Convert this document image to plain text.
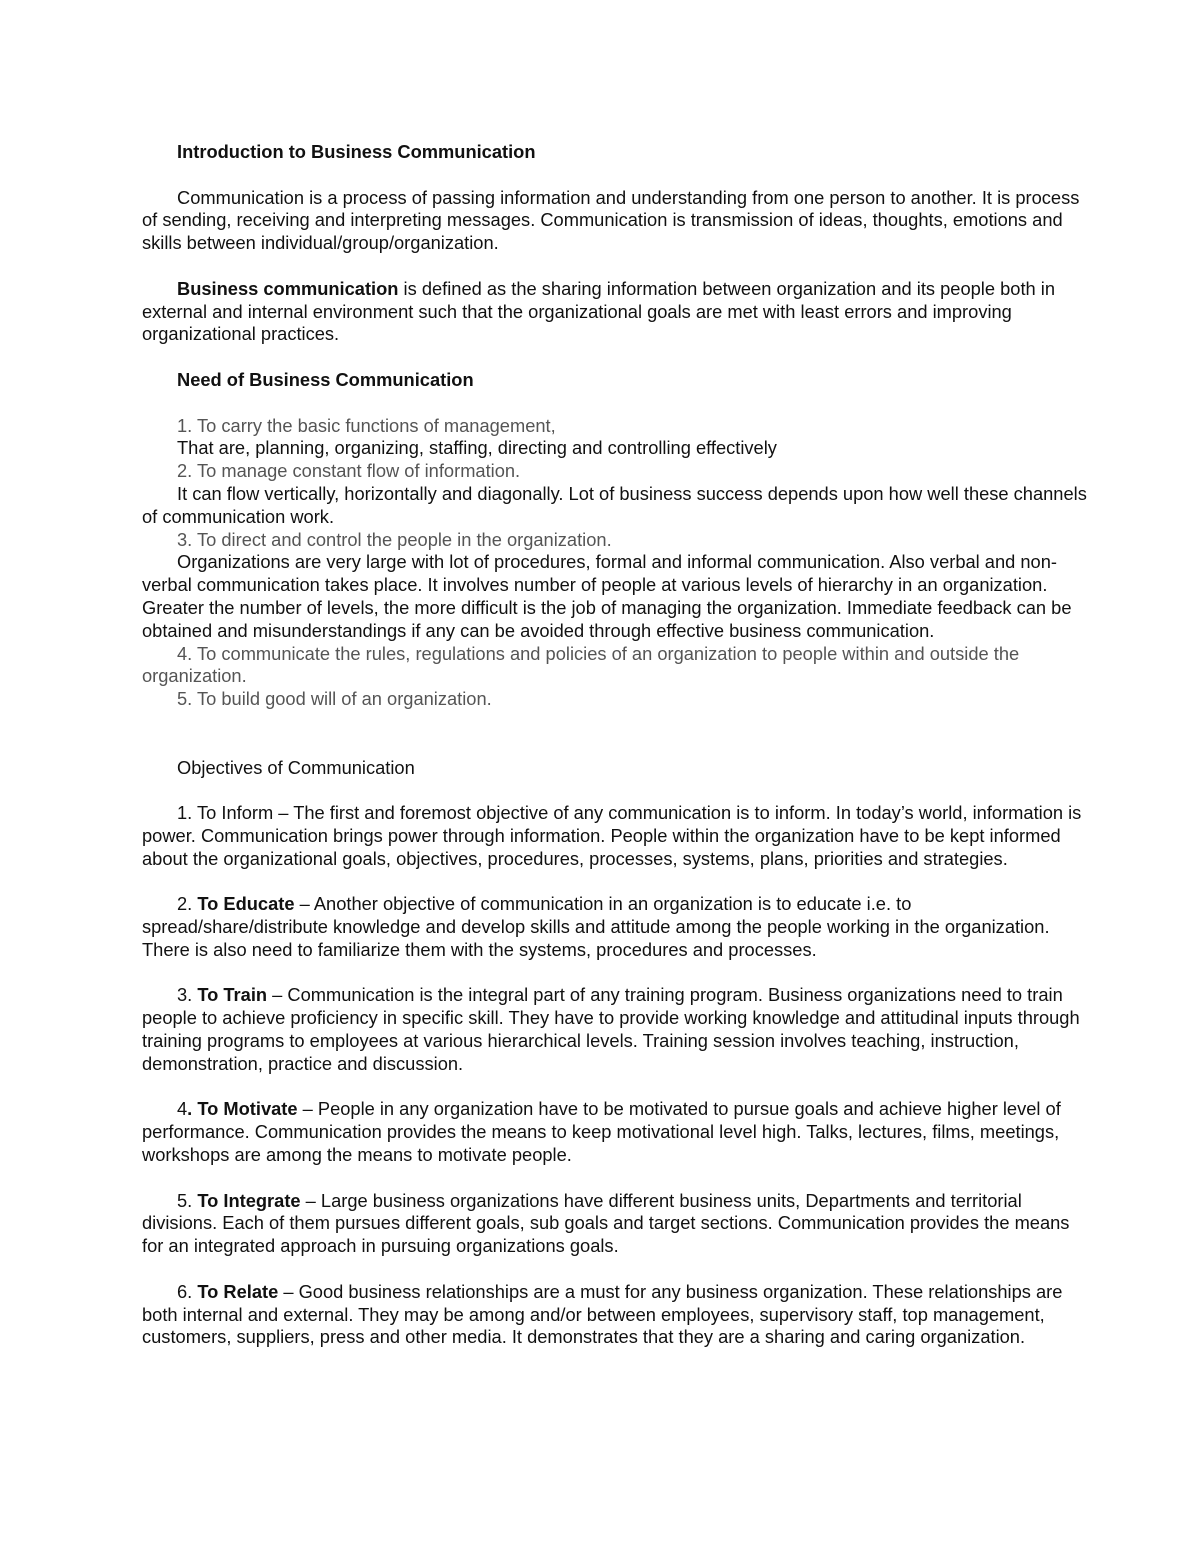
Introduction to Business Communication

Communication is a process of passing information and understanding from one person to another. It is process of sending, receiving and interpreting messages. Communication is transmission of ideas, thoughts, emotions and skills between individual/group/organization.

Business communication is defined as the sharing information between organization and its people both in external and internal environment such that the organizational goals are met with least errors and improving organizational practices.

Need of Business Communication

1. To carry the basic functions of management,

That are, planning, organizing, staffing, directing and controlling effectively

2. To manage constant flow of information.

It can flow vertically, horizontally and diagonally. Lot of business success depends upon how well these channels of communication work.

3. To direct and control the people in the organization.

Organizations are very large with lot of procedures, formal and informal communication. Also verbal and non-verbal communication takes place. It involves number of people at various levels of hierarchy in an organization. Greater the number of levels, the more difficult is the job of managing the organization. Immediate feedback can be obtained and misunderstandings if any can be avoided through effective business communication.

4. To communicate the rules, regulations and policies of an organization to people within and outside the organization.

5. To build good will of an organization.

Objectives of Communication

1. To Inform – The first and foremost objective of any communication is to inform. In today’s world, information is power. Communication brings power through information. People within the organization have to be kept informed about the organizational goals, objectives, procedures, processes, systems, plans, priorities and strategies.

2. To Educate – Another objective of communication in an organization is to educate i.e. to spread/share/distribute knowledge and develop skills and attitude among the people working in the organization. There is also need to familiarize them with the systems, procedures and processes.

3. To Train – Communication is the integral part of any training program. Business organizations need to train people to achieve proficiency in specific skill. They have to provide working knowledge and attitudinal inputs through training programs to employees at various hierarchical levels. Training session involves teaching, instruction, demonstration, practice and discussion.

4. To Motivate – People in any organization have to be motivated to pursue goals and achieve higher level of performance. Communication provides the means to keep motivational level high. Talks, lectures, films, meetings, workshops are among the means to motivate people.

5. To Integrate – Large business organizations have different business units, Departments and territorial divisions. Each of them pursues different goals, sub goals and target sections. Communication provides the means for an integrated approach in pursuing organizations goals.

6. To Relate – Good business relationships are a must for any business organization. These relationships are both internal and external. They may be among and/or between employees, supervisory staff, top management, customers, suppliers, press and other media. It demonstrates that they are a sharing and caring organization.
